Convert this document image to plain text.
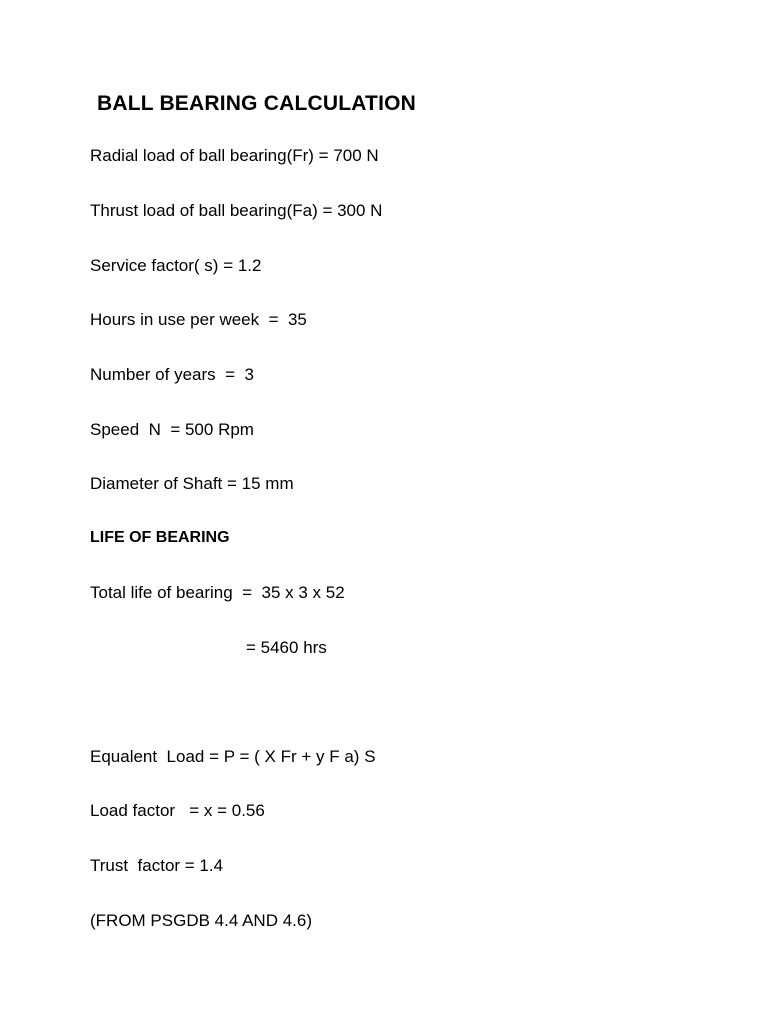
BALL BEARING CALCULATION
Radial load of ball bearing(Fr) = 700 N
Thrust load of ball bearing(Fa) = 300 N
Service factor( s) = 1.2
Hours in use per week  =  35
Number of years  =  3
Speed  N  = 500 Rpm
Diameter of Shaft = 15 mm
LIFE OF BEARING
Total life of bearing  =  35 x 3 x 52
= 5460 hrs
Equalent  Load = P = ( X Fr + y F a) S
Load factor   = x = 0.56
Trust  factor = 1.4
(FROM PSGDB 4.4 AND 4.6)
